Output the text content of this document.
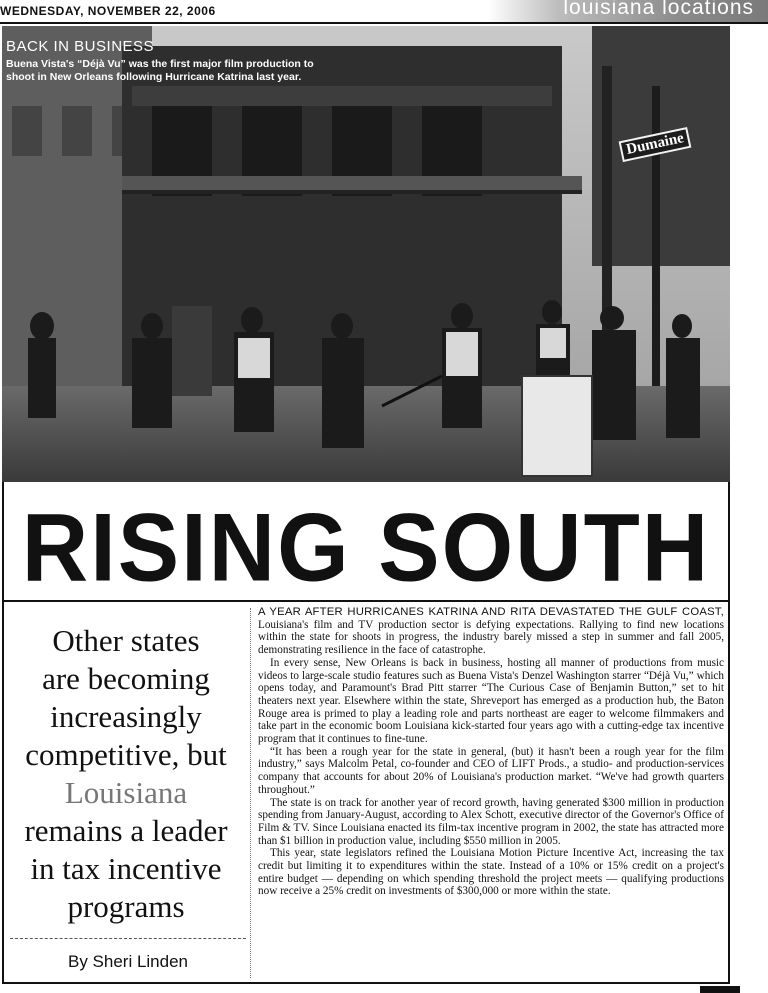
WEDNESDAY, NOVEMBER 22, 2006	louisiana locations
BACK IN BUSINESS
Buena Vista's “Déjà Vu” was the first major film production to
shoot in New Orleans following Hurricane Katrina last year.
Dumaine
RISING SOUTH
Other states
are becoming
increasingly
competitive, but
Louisiana
remains a leader
in tax incentive
programs
By Sheri Linden

A YEAR AFTER HURRICANES KATRINA AND RITA DEVASTATED THE GULF COAST, Louisiana's film and TV production sector is defying expectations. Rallying to find new locations within the state for shoots in progress, the industry barely missed a step in summer and fall 2005, demonstrating resilience in the face of catastrophe.

In every sense, New Orleans is back in business, hosting all manner of productions from music videos to large-scale studio features such as Buena Vista's Denzel Washington starrer “Déjà Vu,” which opens today, and Paramount's Brad Pitt starrer “The Curious Case of Benjamin Button,” set to hit theaters next year. Elsewhere within the state, Shreveport has emerged as a production hub, the Baton Rouge area is primed to play a leading role and parts northeast are eager to welcome filmmakers and take part in the economic boom Louisiana kick-started four years ago with a cutting-edge tax incentive program that it continues to fine-tune.

“It has been a rough year for the state in general, (but) it hasn't been a rough year for the film industry,” says Malcolm Petal, co-founder and CEO of LIFT Prods., a studio- and production-services company that accounts for about 20% of Louisiana's production market. “We've had growth quarters throughout.”

The state is on track for another year of record growth, having generated $300 million in production spending from January-August, according to Alex Schott, executive director of the Governor's Office of Film & TV. Since Louisiana enacted its film-tax incentive program in 2002, the state has attracted more than $1 billion in production value, including $550 million in 2005.

This year, state legislators refined the Louisiana Motion Picture Incentive Act, increasing the tax credit but limiting it to expenditures within the state. Instead of a 10% or 15% credit on a project's entire budget — depending on which spending threshold the project meets — qualifying productions now receive a 25% credit on investments of $300,000 or more within the state.
